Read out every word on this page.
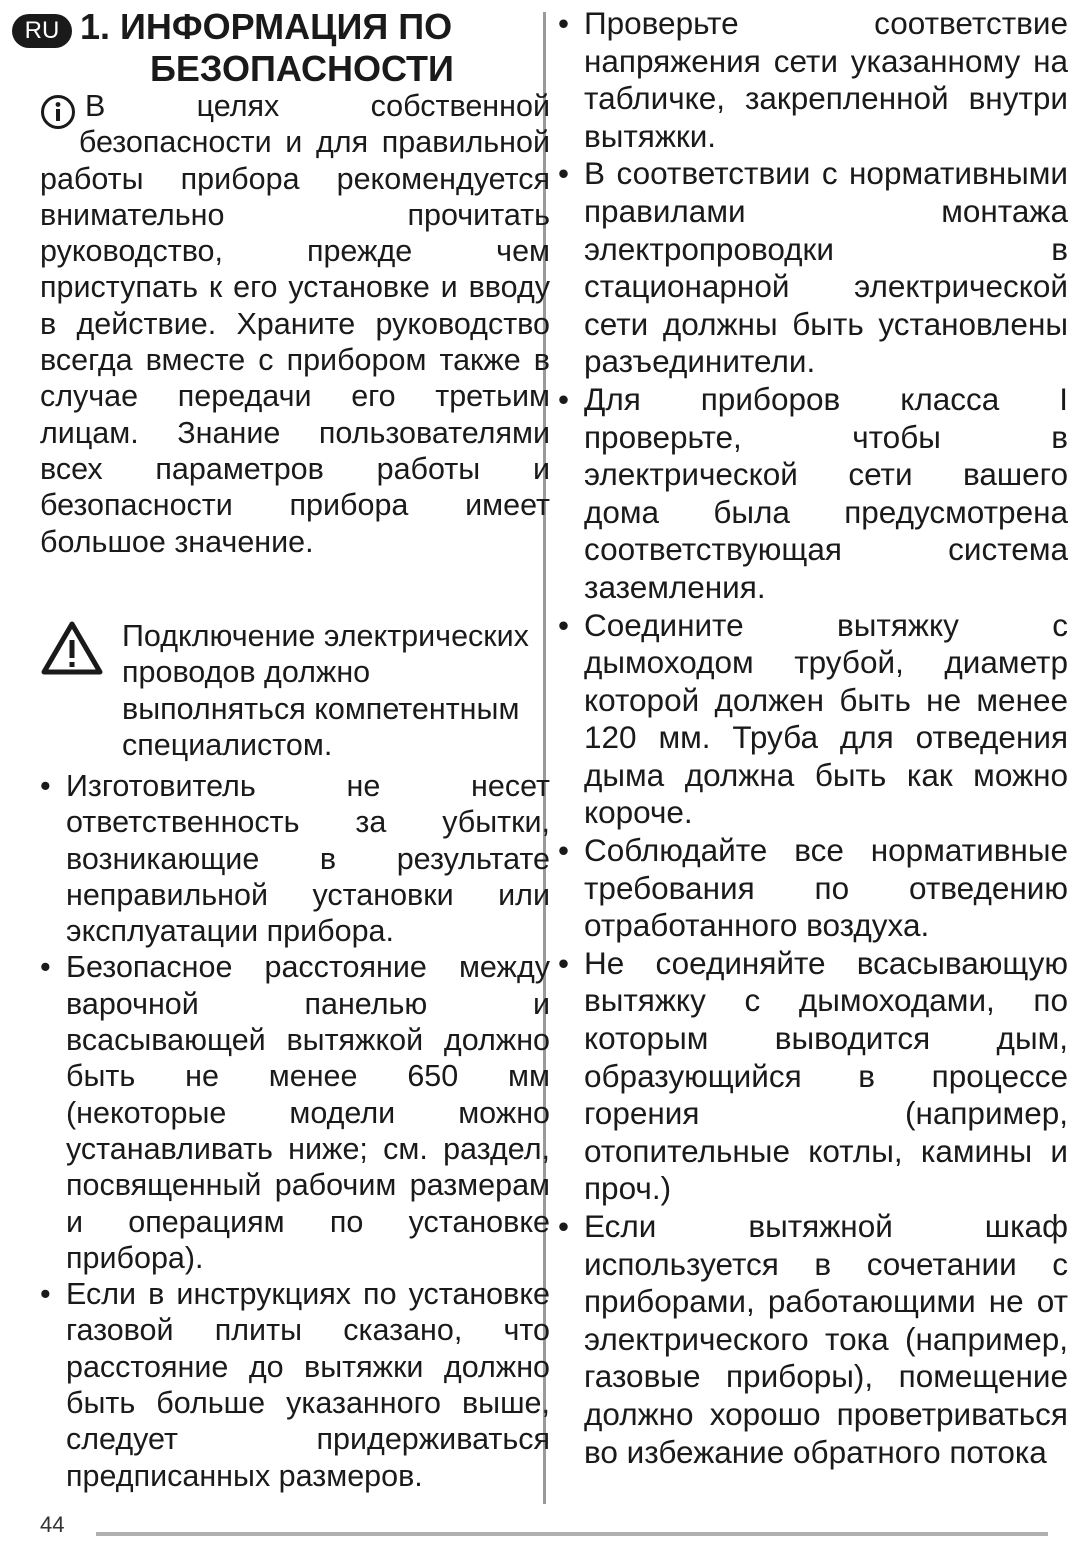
RU 1. ИНФОРМАЦИЯ ПО
БЕЗОПАСНОСТИ

В целях собственной безопасности и для правильной работы прибора рекомендуется внимательно прочитать руководство, прежде чем приступать к его установке и вводу в действие. Храните руководство всегда вместе с прибором также в случае передачи его третьим лицам. Знание пользователями всех параметров работы и безопасности прибора имеет большое значение.

Подключение электрических проводов должно выполняться компетентным специалистом.

• Изготовитель не несет ответственность за убытки, возникающие в результате неправильной установки или эксплуатации прибора.

• Безопасное расстояние между варочной панелью и всасывающей вытяжкой должно быть не менее 650 мм (некоторые модели можно устанавливать ниже; см. раздел, посвященный рабочим размерам и операциям по установке прибора).

• Если в инструкциях по установке газовой плиты сказано, что расстояние до вытяжки должно быть больше указанного выше, следует придерживаться предписанных размеров.

• Проверьте соответствие напряжения сети указанному на табличке, закрепленной внутри вытяжки.

• В соответствии с нормативными правилами монтажа электропроводки в стационарной электрической сети должны быть установлены разъединители.

• Для приборов класса I проверьте, чтобы в электрической сети вашего дома была предусмотрена соответствующая система заземления.

• Соедините вытяжку с дымоходом трубой, диаметр которой должен быть не менее 120 мм. Труба для отведения дыма должна быть как можно короче.

• Соблюдайте все нормативные требования по отведению отработанного воздуха.

• Не соединяйте всасывающую вытяжку с дымоходами, по которым выводится дым, образующийся в процессе горения (например, отопительные котлы, камины и проч.)

• Если вытяжной шкаф используется в сочетании с приборами, работающими не от электрического тока (например, газовые приборы), помещение должно хорошо проветриваться во избежание обратного потока

44
